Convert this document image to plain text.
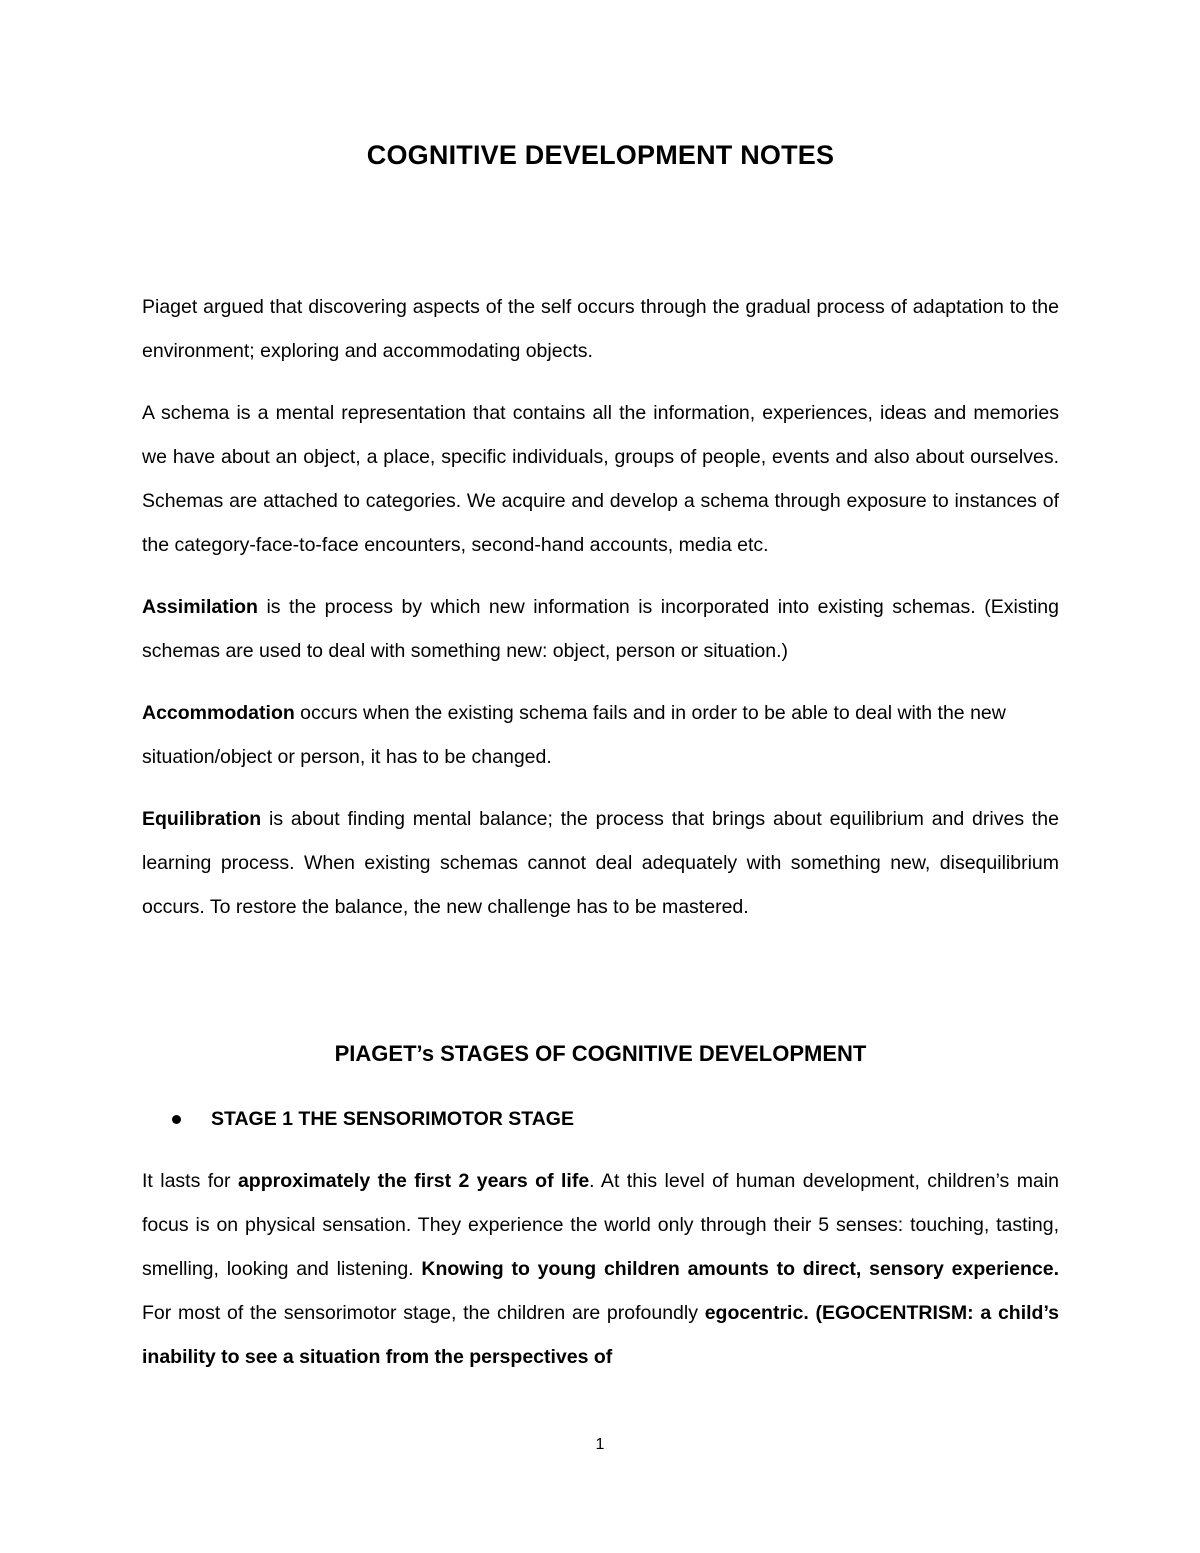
COGNITIVE DEVELOPMENT NOTES

Piaget argued that discovering aspects of the self occurs through the gradual process of adaptation to the environment; exploring and accommodating objects.

A schema is a mental representation that contains all the information, experiences, ideas and memories we have about an object, a place, specific individuals, groups of people, events and also about ourselves. Schemas are attached to categories. We acquire and develop a schema through exposure to instances of the category-face-to-face encounters, second-hand accounts, media etc.

Assimilation is the process by which new information is incorporated into existing schemas. (Existing schemas are used to deal with something new: object, person or situation.)

Accommodation occurs when the existing schema fails and in order to be able to deal with the new situation/object or person, it has to be changed.

Equilibration is about finding mental balance; the process that brings about equilibrium and drives the learning process. When existing schemas cannot deal adequately with something new, disequilibrium occurs. To restore the balance, the new challenge has to be mastered.

PIAGET’s STAGES OF COGNITIVE DEVELOPMENT
STAGE 1 THE SENSORIMOTOR STAGE

It lasts for approximately the first 2 years of life. At this level of human development, children’s main focus is on physical sensation. They experience the world only through their 5 senses: touching, tasting, smelling, looking and listening. Knowing to young children amounts to direct, sensory experience. For most of the sensorimotor stage, the children are profoundly egocentric. (EGOCENTRISM: a child’s inability to see a situation from the perspectives of

1
